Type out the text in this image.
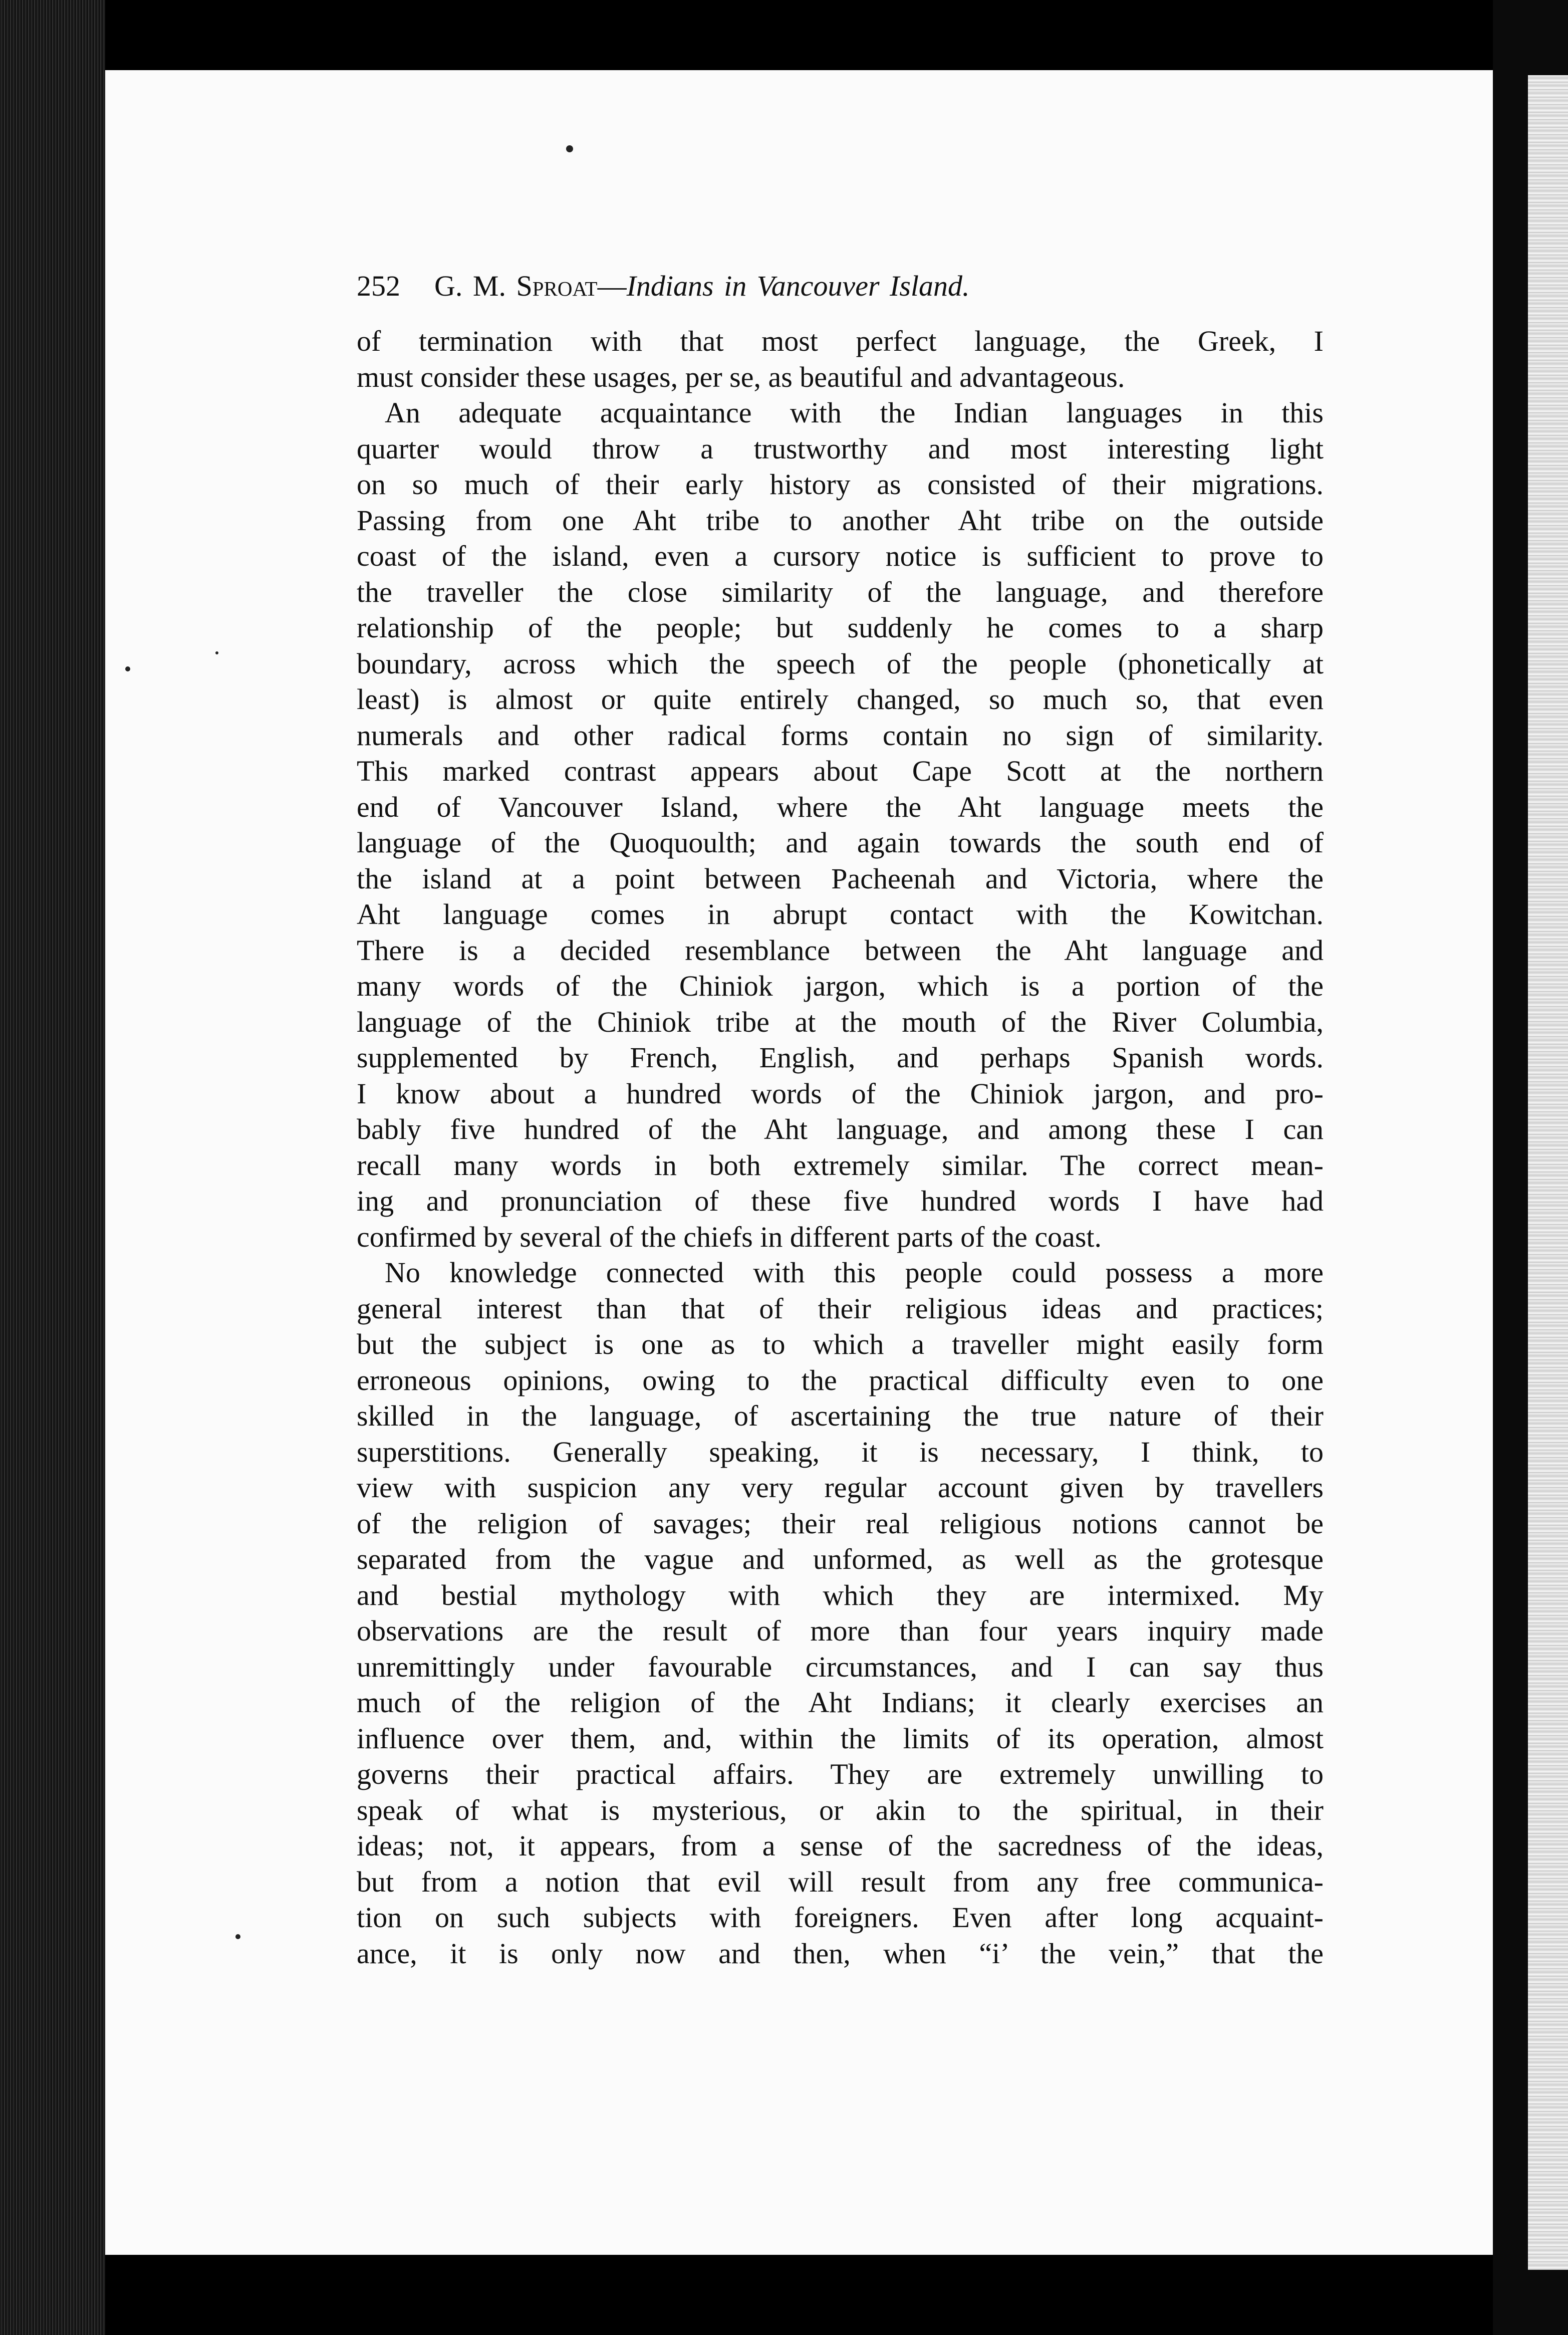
252 G. M. Sproat—Indians in Vancouver Island.
of termination with that most perfect language, the Greek, I
must consider these usages, per se, as beautiful and advantageous.
An adequate acquaintance with the Indian languages in this
quarter would throw a trustworthy and most interesting light
on so much of their early history as consisted of their migrations.
Passing from one Aht tribe to another Aht tribe on the outside
coast of the island, even a cursory notice is sufficient to prove to
the traveller the close similarity of the language, and therefore
relationship of the people; but suddenly he comes to a sharp
boundary, across which the speech of the people (phonetically at
least) is almost or quite entirely changed, so much so, that even
numerals and other radical forms contain no sign of similarity.
This marked contrast appears about Cape Scott at the northern
end of Vancouver Island, where the Aht language meets the
language of the Quoquoulth; and again towards the south end of
the island at a point between Pacheenah and Victoria, where the
Aht language comes in abrupt contact with the Kowitchan.
There is a decided resemblance between the Aht language and
many words of the Chiniok jargon, which is a portion of the
language of the Chiniok tribe at the mouth of the River Columbia,
supplemented by French, English, and perhaps Spanish words.
I know about a hundred words of the Chiniok jargon, and pro-
bably five hundred of the Aht language, and among these I can
recall many words in both extremely similar. The correct mean-
ing and pronunciation of these five hundred words I have had
confirmed by several of the chiefs in different parts of the coast.
No knowledge connected with this people could possess a more
general interest than that of their religious ideas and practices;
but the subject is one as to which a traveller might easily form
erroneous opinions, owing to the practical difficulty even to one
skilled in the language, of ascertaining the true nature of their
superstitions. Generally speaking, it is necessary, I think, to
view with suspicion any very regular account given by travellers
of the religion of savages; their real religious notions cannot be
separated from the vague and unformed, as well as the grotesque
and bestial mythology with which they are intermixed. My
observations are the result of more than four years inquiry made
unremittingly under favourable circumstances, and I can say thus
much of the religion of the Aht Indians; it clearly exercises an
influence over them, and, within the limits of its operation, almost
governs their practical affairs. They are extremely unwilling to
speak of what is mysterious, or akin to the spiritual, in their
ideas; not, it appears, from a sense of the sacredness of the ideas,
but from a notion that evil will result from any free communica-
tion on such subjects with foreigners. Even after long acquaint-
ance, it is only now and then, when “i’ the vein,” that the
